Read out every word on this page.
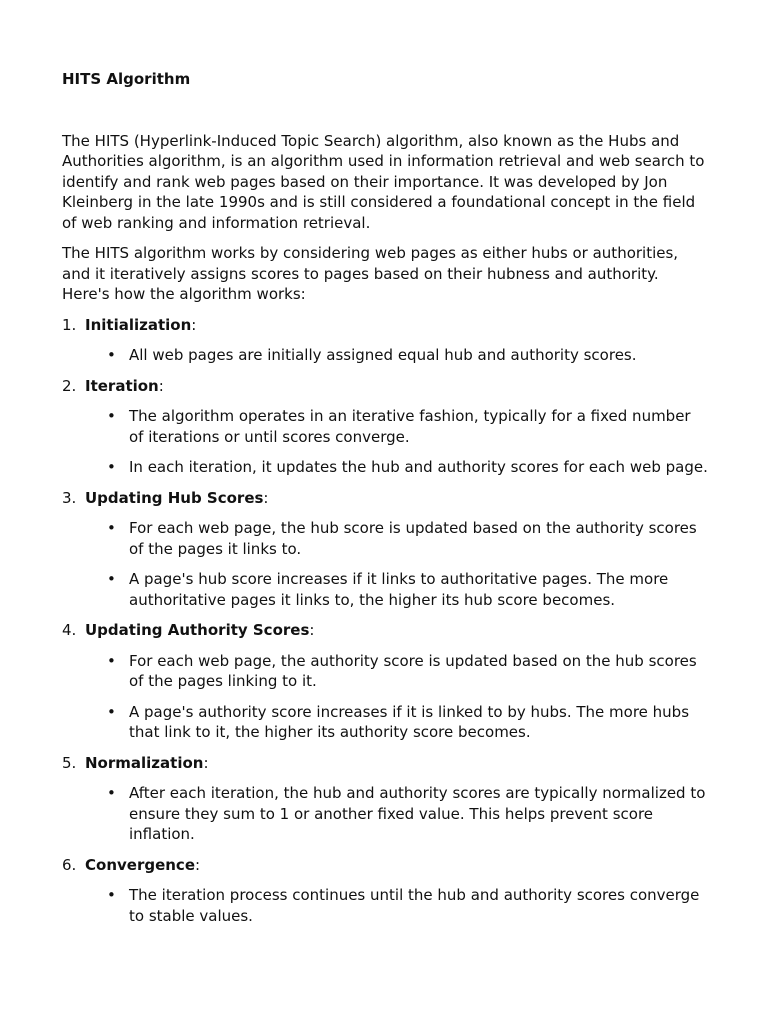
HITS Algorithm

The HITS (Hyperlink-Induced Topic Search) algorithm, also known as the Hubs and Authorities algorithm, is an algorithm used in information retrieval and web search to identify and rank web pages based on their importance. It was developed by Jon Kleinberg in the late 1990s and is still considered a foundational concept in the field of web ranking and information retrieval.

The HITS algorithm works by considering web pages as either hubs or authorities, and it iteratively assigns scores to pages based on their hubness and authority. Here's how the algorithm works:

1. Initialization:
• All web pages are initially assigned equal hub and authority scores.
2. Iteration:
• The algorithm operates in an iterative fashion, typically for a fixed number of iterations or until scores converge.
• In each iteration, it updates the hub and authority scores for each web page.
3. Updating Hub Scores:
• For each web page, the hub score is updated based on the authority scores of the pages it links to.
• A page's hub score increases if it links to authoritative pages. The more authoritative pages it links to, the higher its hub score becomes.
4. Updating Authority Scores:
• For each web page, the authority score is updated based on the hub scores of the pages linking to it.
• A page's authority score increases if it is linked to by hubs. The more hubs that link to it, the higher its authority score becomes.
5. Normalization:
• After each iteration, the hub and authority scores are typically normalized to ensure they sum to 1 or another fixed value. This helps prevent score inflation.
6. Convergence:
• The iteration process continues until the hub and authority scores converge to stable values.
